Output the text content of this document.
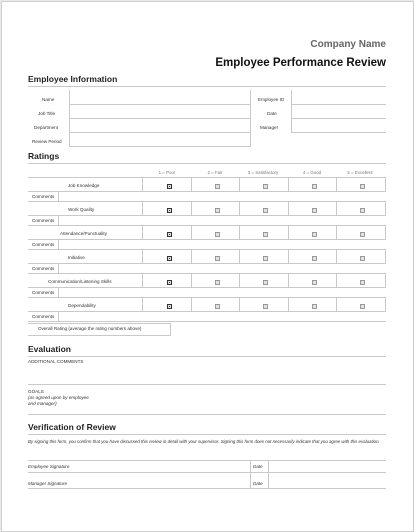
Company Name
Employee Performance Review
Employee Information
Name	Employee ID
Job Title	Date
Department	Manager
Review Period
Ratings
1 = Poor	2 = Fair	3 = Satisfactory	4 = Good	5 = Excellent
Job Knowledge
Comments
Work Quality
Comments
Attendance/Punctuality
Comments
Initiative
Comments
Communication/Listening Skills
Comments
Dependability
Comments
Overall Rating (average the rating numbers above)
Evaluation
ADDITIONAL COMMENTS
GOALS
(as agreed upon by employee
and manager)
Verification of Review
By signing this form, you confirm that you have discussed this review in detail with your supervisor. Signing this form does not necessarily indicate that you agree with this evaluation.
Employee Signature	Date
Manager Signature	Date
